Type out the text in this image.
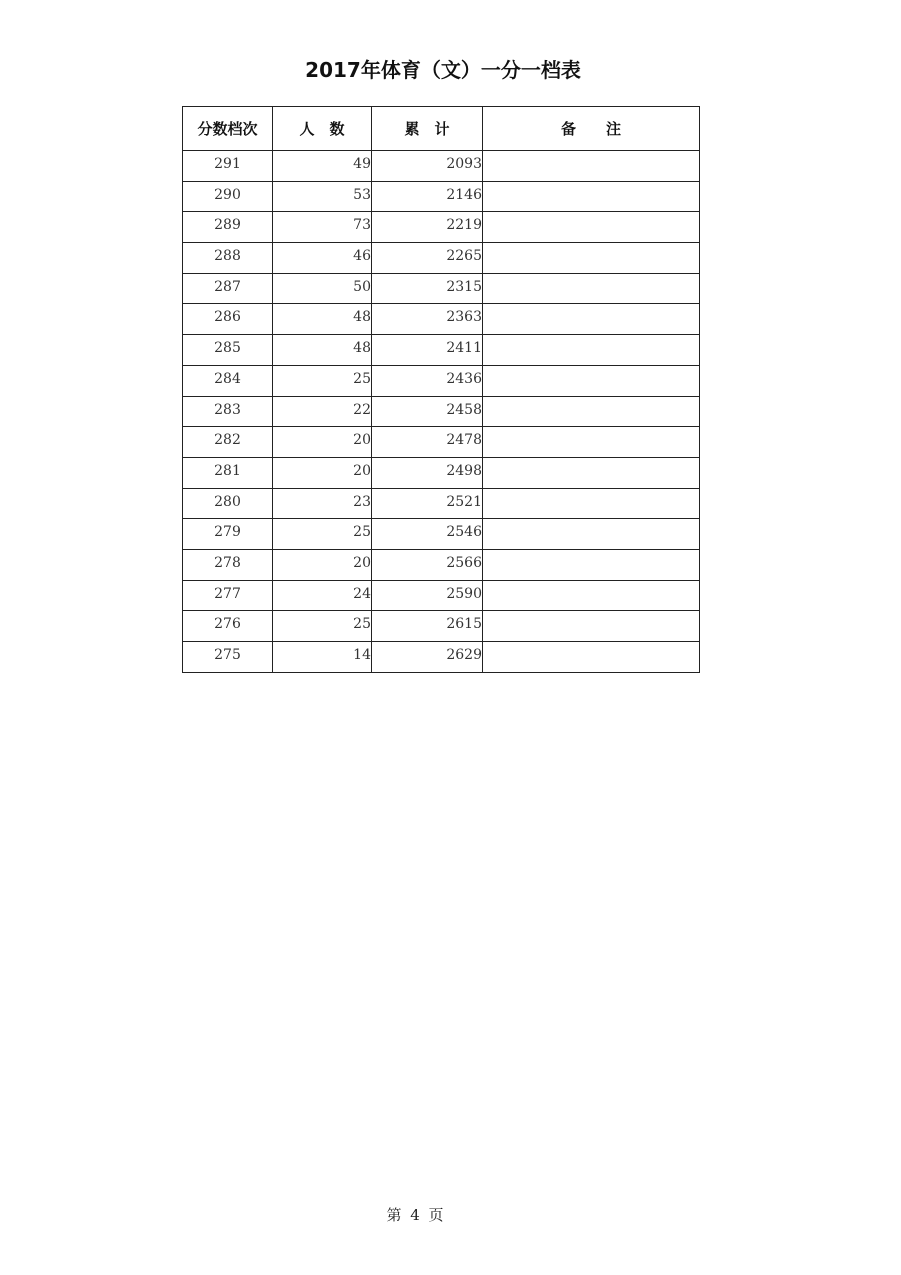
2017年体育（文）一分一档表
分数档次	人　数	累　计	备　　注
291	49	2093	
290	53	2146	
289	73	2219	
288	46	2265	
287	50	2315	
286	48	2363	
285	48	2411	
284	25	2436	
283	22	2458	
282	20	2478	
281	20	2498	
280	23	2521	
279	25	2546	
278	20	2566	
277	24	2590	
276	25	2615	
275	14	2629	
第 4 页
